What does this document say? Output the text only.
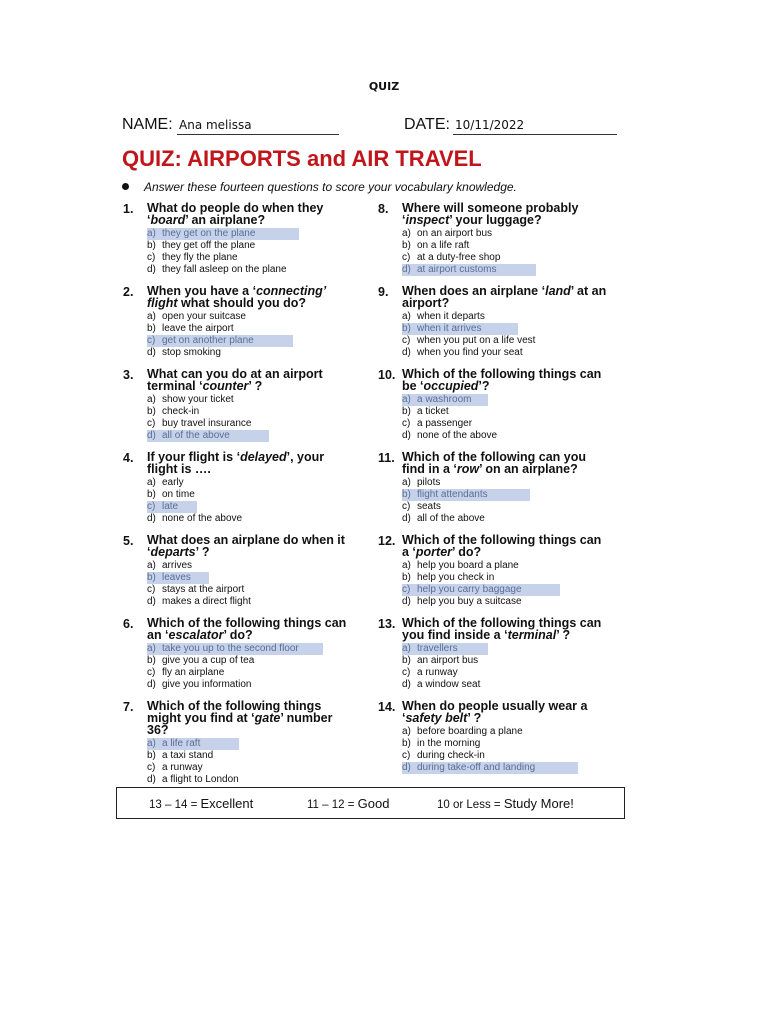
QUIZ
NAME: Ana melissa	DATE: 10/11/2022
QUIZ: AIRPORTS and AIR TRAVEL
Answer these fourteen questions to score your vocabulary knowledge.
1. What do people do when they ‘board’ an airplane?
a) they get on the plane
b) they get off the plane
c) they fly the plane
d) they fall asleep on the plane
2. When you have a ‘connecting’ flight what should you do?
a) open your suitcase
b) leave the airport
c) get on another plane
d) stop smoking
3. What can you do at an airport terminal ‘counter’ ?
a) show your ticket
b) check-in
c) buy travel insurance
d) all of the above
4. If your flight is ‘delayed’, your flight is ….
a) early
b) on time
c) late
d) none of the above
5. What does an airplane do when it ‘departs’ ?
a) arrives
b) leaves
c) stays at the airport
d) makes a direct flight
6. Which of the following things can an ‘escalator’ do?
a) take you up to the second floor
b) give you a cup of tea
c) fly an airplane
d) give you information
7. Which of the following things might you find at ‘gate’ number 36?
a) a life raft
b) a taxi stand
c) a runway
d) a flight to London
8. Where will someone probably ‘inspect’ your luggage?
a) on an airport bus
b) on a life raft
c) at a duty-free shop
d) at airport customs
9. When does an airplane ‘land’ at an airport?
a) when it departs
b) when it arrives
c) when you put on a life vest
d) when you find your seat
10. Which of the following things can be ‘occupied’?
a) a washroom
b) a ticket
c) a passenger
d) none of the above
11. Which of the following can you find in a ‘row’ on an airplane?
a) pilots
b) flight attendants
c) seats
d) all of the above
12. Which of the following things can a ‘porter’ do?
a) help you board a plane
b) help you check in
c) help you carry baggage
d) help you buy a suitcase
13. Which of the following things can you find inside a ‘terminal’ ?
a) travellers
b) an airport bus
c) a runway
d) a window seat
14. When do people usually wear a ‘safety belt’ ?
a) before boarding a plane
b) in the morning
c) during check-in
d) during take-off and landing
13 – 14 = Excellent	11 – 12 = Good	10 or Less = Study More!
